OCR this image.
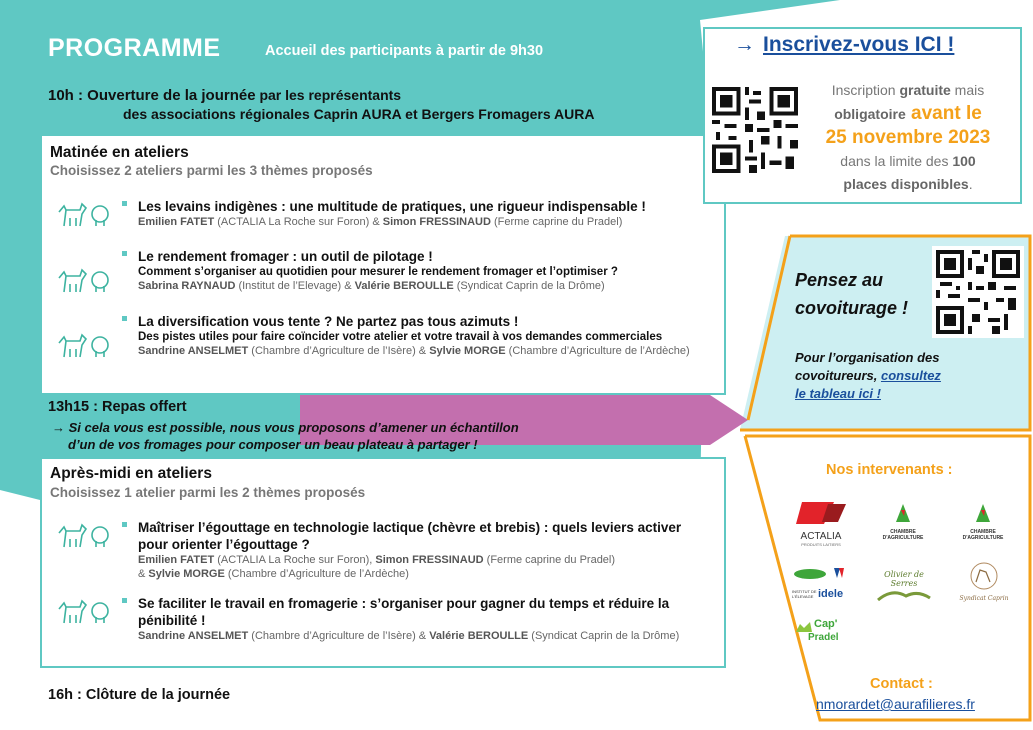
PROGRAMME	Accueil des participants à partir de 9h30
10h : Ouverture de la journée par les représentants
des associations régionales Caprin AURA et Bergers Fromagers AURA
Matinée en ateliers
Choisissez 2 ateliers parmi les 3 thèmes proposés
Les levains indigènes : une multitude de pratiques, une rigueur indispensable !
Emilien FATET (ACTALIA La Roche sur Foron) & Simon FRESSINAUD (Ferme caprine du Pradel)
Le rendement fromager : un outil de pilotage !
Comment s’organiser au quotidien pour mesurer le rendement fromager et l’optimiser ?
Sabrina RAYNAUD (Institut de l’Elevage) & Valérie BEROULLE (Syndicat Caprin de la Drôme)
La diversification vous tente ? Ne partez pas tous azimuts !
Des pistes utiles pour faire coïncider votre atelier et votre travail à vos demandes commerciales
Sandrine ANSELMET (Chambre d’Agriculture de l’Isère) & Sylvie MORGE (Chambre d’Agriculture de l’Ardèche)
13h15 : Repas offert
→ Si cela vous est possible, nous vous proposons d’amener un échantillon
d’un de vos fromages pour composer un beau plateau à partager !
Après-midi en ateliers
Choisissez 1 atelier parmi les 2 thèmes proposés
Maîtriser l’égouttage en technologie lactique (chèvre et brebis) : quels leviers activer pour orienter l’égouttage ?
Emilien FATET (ACTALIA La Roche sur Foron), Simon FRESSINAUD (Ferme caprine du Pradel)
& Sylvie MORGE (Chambre d’Agriculture de l’Ardèche)
Se faciliter le travail en fromagerie : s’organiser pour gagner du temps et réduire la pénibilité !
Sandrine ANSELMET (Chambre d’Agriculture de l’Isère) & Valérie BEROULLE (Syndicat Caprin de la Drôme)
16h : Clôture de la journée
→ Inscrivez-vous ICI !
Inscription gratuite mais
obligatoire avant le
25 novembre 2023
dans la limite des 100
places disponibles.
Pensez au
covoiturage !
Pour l’organisation des
covoitureurs, consultez
le tableau ici !
Nos intervenants :
ACTALIA
PRODUITS LAITIERS
CHAMBRE
D'AGRICULTURE
CHAMBRE
D'AGRICULTURE
INSTITUT DE L'ÉLEVAGE idele
Olivier de Serres
Syndicat Caprin
Cap'
Pradel
Contact :
nmorardet@aurafilieres.fr
